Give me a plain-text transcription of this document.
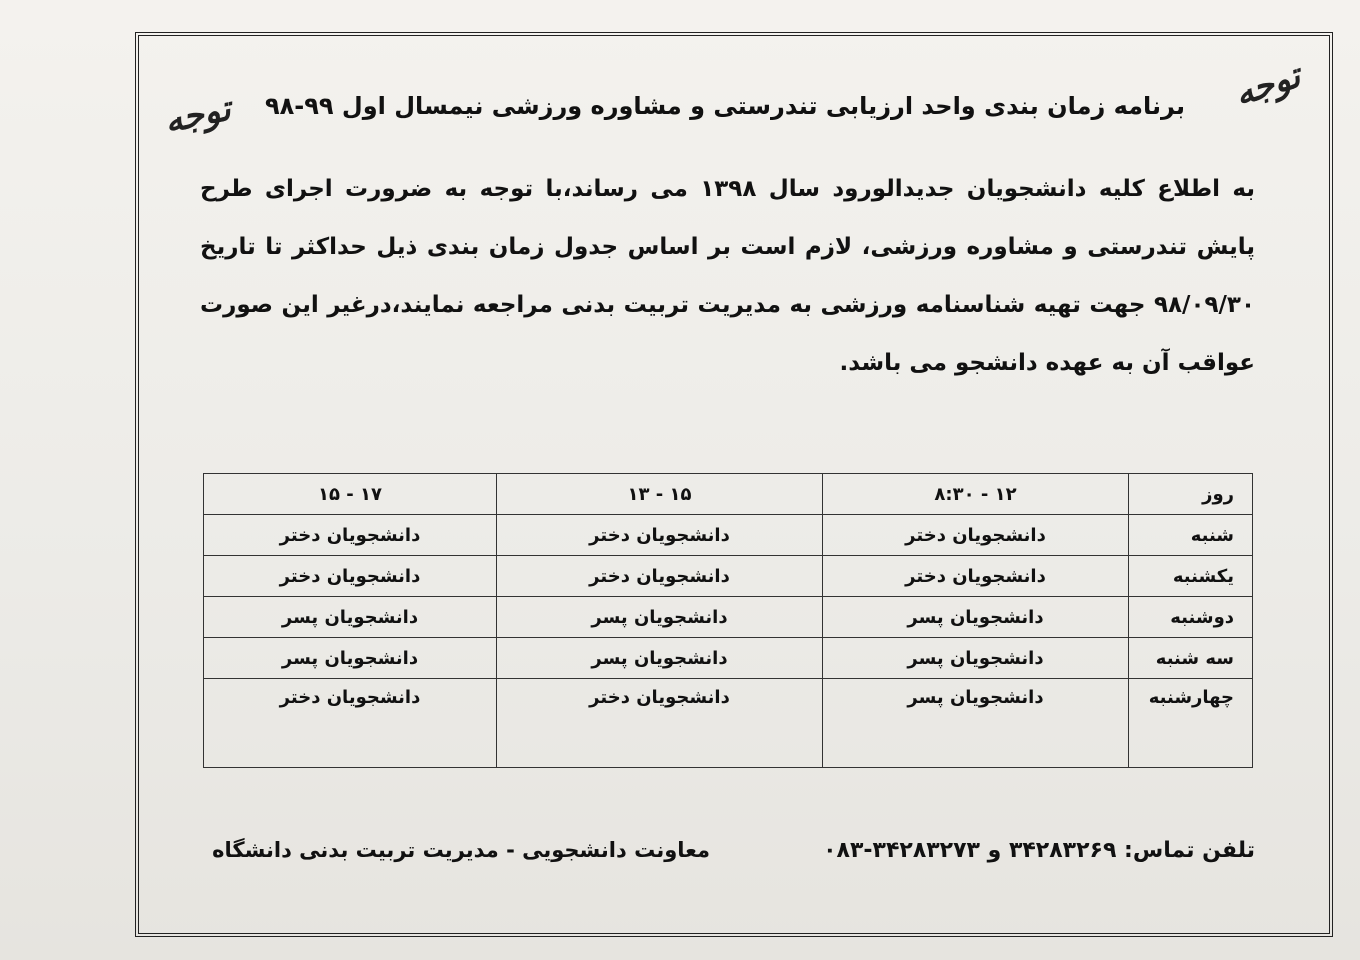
توجه
توجه برنامه زمان بندی واحد ارزیابی تندرستی و مشاوره ورزشی نیمسال اول ۹۹-۹۸
به اطلاع کلیه دانشجویان جدیدالورود سال ۱۳۹۸ می رساند،با توجه به ضرورت اجرای طرح پایش تندرستی و مشاوره ورزشی، لازم است بر اساس جدول زمان بندی ذیل حداکثر تا تاریخ ۹۸/۰۹/۳۰ جهت تهیه شناسنامه ورزشی به مدیریت تربیت بدنی مراجعه نمایند،درغیر این صورت عواقب آن به عهده دانشجو می باشد.
روز	۱۲ - ۸:۳۰	۱۵ - ۱۳	۱۷ - ۱۵
شنبه	دانشجویان دختر	دانشجویان دختر	دانشجویان دختر
یکشنبه	دانشجویان دختر	دانشجویان دختر	دانشجویان دختر
دوشنبه	دانشجویان پسر	دانشجویان پسر	دانشجویان پسر
سه شنبه	دانشجویان پسر	دانشجویان پسر	دانشجویان پسر
چهارشنبه	دانشجویان پسر	دانشجویان دختر	دانشجویان دختر
تلفن تماس: ۳۴۲۸۳۲۶۹ و ۳۴۲۸۳۲۷۳-۰۸۳
معاونت دانشجویی - مدیریت تربیت بدنی دانشگاه
